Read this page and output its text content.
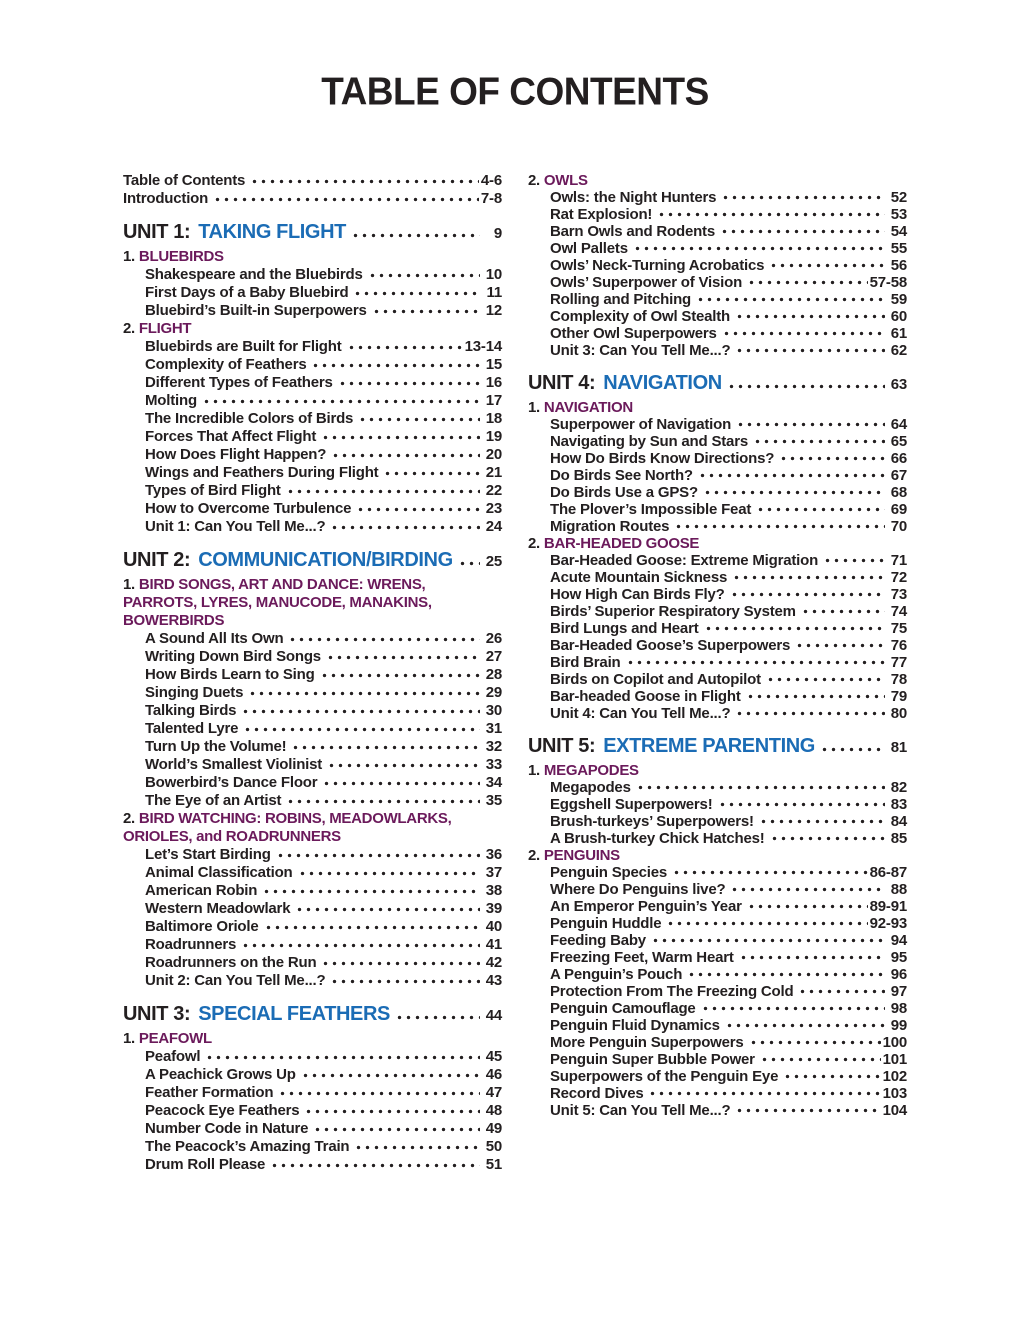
TABLE OF CONTENTS
Table of Contents	4-6
Introduction	7-8
UNIT 1: TAKING FLIGHT	9
1. BLUEBIRDS
Shakespeare and the Bluebirds	10
First Days of a Baby Bluebird	11
Bluebird’s Built-in Superpowers	12
2. FLIGHT
Bluebirds are Built for Flight	13-14
Complexity of Feathers	15
Different Types of Feathers	16
Molting	17
The Incredible Colors of Birds	18
Forces That Affect Flight	19
How Does Flight Happen?	20
Wings and Feathers During Flight	21
Types of Bird Flight	22
How to Overcome Turbulence	23
Unit 1: Can You Tell Me...?	24
UNIT 2: COMMUNICATION/BIRDING 25
1. BIRD SONGS, ART AND DANCE: WRENS, PARROTS, LYRES, MANUCODE, MANAKINS, BOWERBIRDS
A Sound All Its Own	26
Writing Down Bird Songs	27
How Birds Learn to Sing	28
Singing Duets	29
Talking Birds	30
Talented Lyre	31
Turn Up the Volume!	32
World’s Smallest Violinist	33
Bowerbird’s Dance Floor	34
The Eye of an Artist	35
2. BIRD WATCHING: ROBINS, MEADOWLARKS, ORIOLES, and ROADRUNNERS
Let’s Start Birding	36
Animal Classification	37
American Robin	38
Western Meadowlark	39
Baltimore Oriole	40
Roadrunners	41
Roadrunners on the Run	42
Unit 2: Can You Tell Me...?	43
UNIT 3: SPECIAL FEATHERS	44
1. PEAFOWL
Peafowl	45
A Peachick Grows Up	46
Feather Formation	47
Peacock Eye Feathers	48
Number Code in Nature	49
The Peacock’s Amazing Train	50
Drum Roll Please	51
2. OWLS
Owls: the Night Hunters	52
Rat Explosion!	53
Barn Owls and Rodents	54
Owl Pallets	55
Owls’ Neck-Turning Acrobatics	56
Owls’ Superpower of Vision	57-58
Rolling and Pitching	59
Complexity of Owl Stealth	60
Other Owl Superpowers	61
Unit 3: Can You Tell Me...?	62
UNIT 4: NAVIGATION	63
1. NAVIGATION
Superpower of Navigation	64
Navigating by Sun and Stars	65
How Do Birds Know Directions?	66
Do Birds See North?	67
Do Birds Use a GPS?	68
The Plover’s Impossible Feat	69
Migration Routes	70
2. BAR-HEADED GOOSE
Bar-Headed Goose: Extreme Migration	71
Acute Mountain Sickness	72
How High Can Birds Fly?	73
Birds’ Superior Respiratory System	74
Bird Lungs and Heart	75
Bar-Headed Goose’s Superpowers	76
Bird Brain	77
Birds on Copilot and Autopilot	78
Bar-headed Goose in Flight	79
Unit 4: Can You Tell Me...?	80
UNIT 5: EXTREME PARENTING	81
1. MEGAPODES
Megapodes	82
Eggshell Superpowers!	83
Brush-turkeys’ Superpowers!	84
A Brush-turkey Chick Hatches!	85
2. PENGUINS
Penguin Species	86-87
Where Do Penguins live?	88
An Emperor Penguin’s Year	89-91
Penguin Huddle	92-93
Feeding Baby	94
Freezing Feet, Warm Heart	95
A Penguin’s Pouch	96
Protection From The Freezing Cold	97
Penguin Camouflage	98
Penguin Fluid Dynamics	99
More Penguin Superpowers	100
Penguin Super Bubble Power	101
Superpowers of the Penguin Eye	102
Record Dives	103
Unit 5: Can You Tell Me...?	104
